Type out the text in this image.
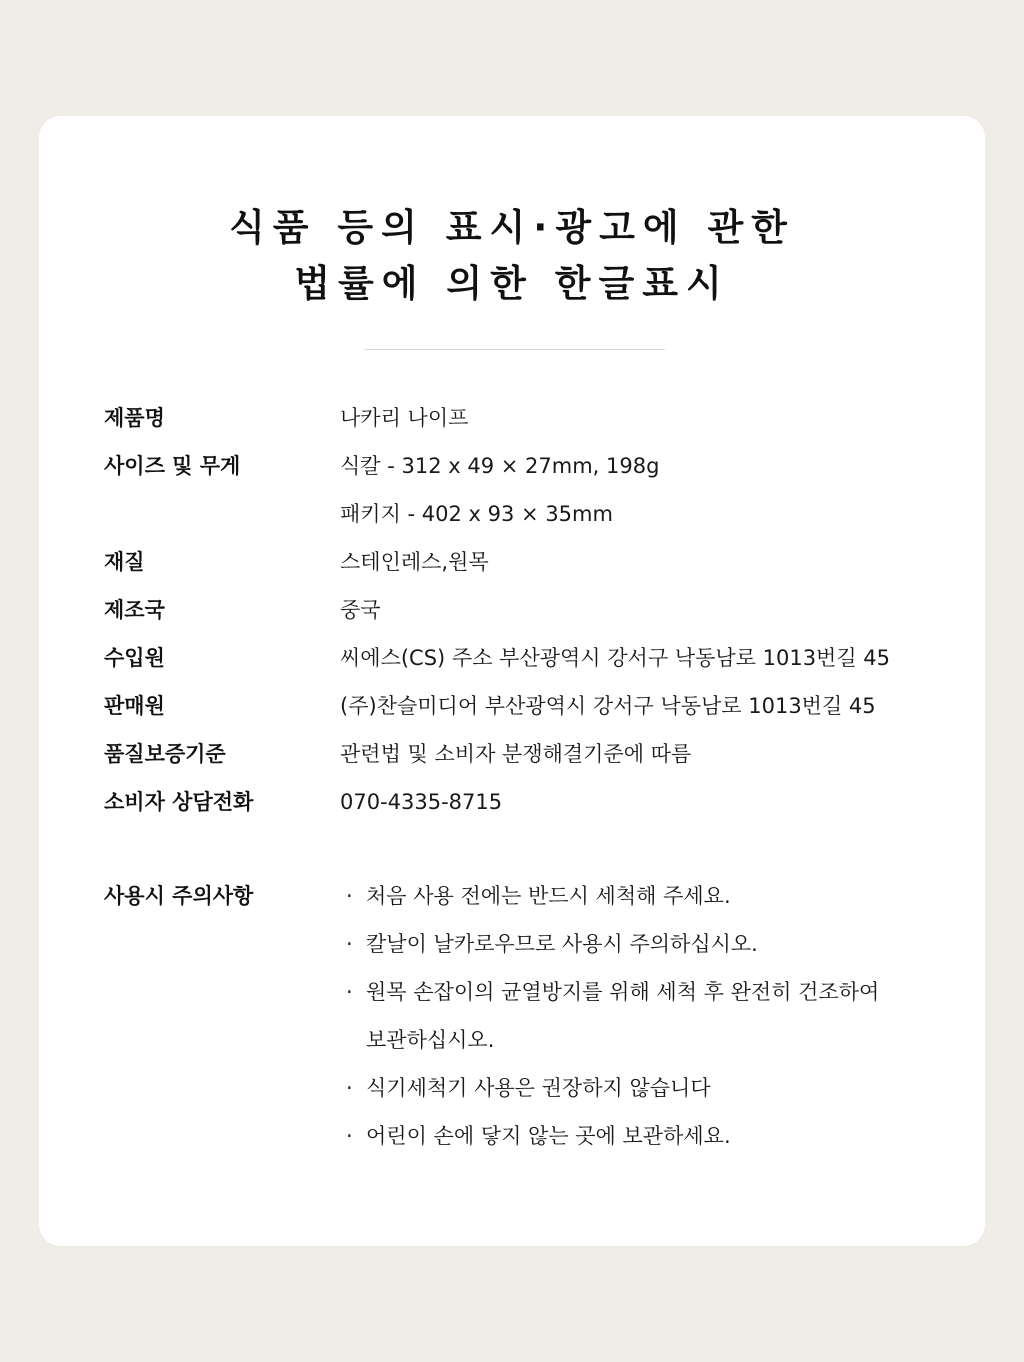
식품 등의 표시·광고에 관한
법률에 의한 한글표시
제품명	나카리 나이프
사이즈 및 무게	식칼 - 312 x 49 × 27mm, 198g
패키지 - 402 x 93 × 35mm
재질	스테인레스,원목
제조국	중국
수입원	씨에스(CS) 주소 부산광역시 강서구 낙동남로 1013번길 45
판매원	(주)찬슬미디어 부산광역시 강서구 낙동남로 1013번길 45
품질보증기준	관련법 및 소비자 분쟁해결기준에 따름
소비자 상담전화	070-4335-8715
사용시 주의사항	· 처음 사용 전에는 반드시 세척해 주세요.
· 칼날이 날카로우므로 사용시 주의하십시오.
· 원목 손잡이의 균열방지를 위해 세척 후 완전히 건조하여
보관하십시오.
· 식기세척기 사용은 권장하지 않습니다
· 어린이 손에 닿지 않는 곳에 보관하세요.
